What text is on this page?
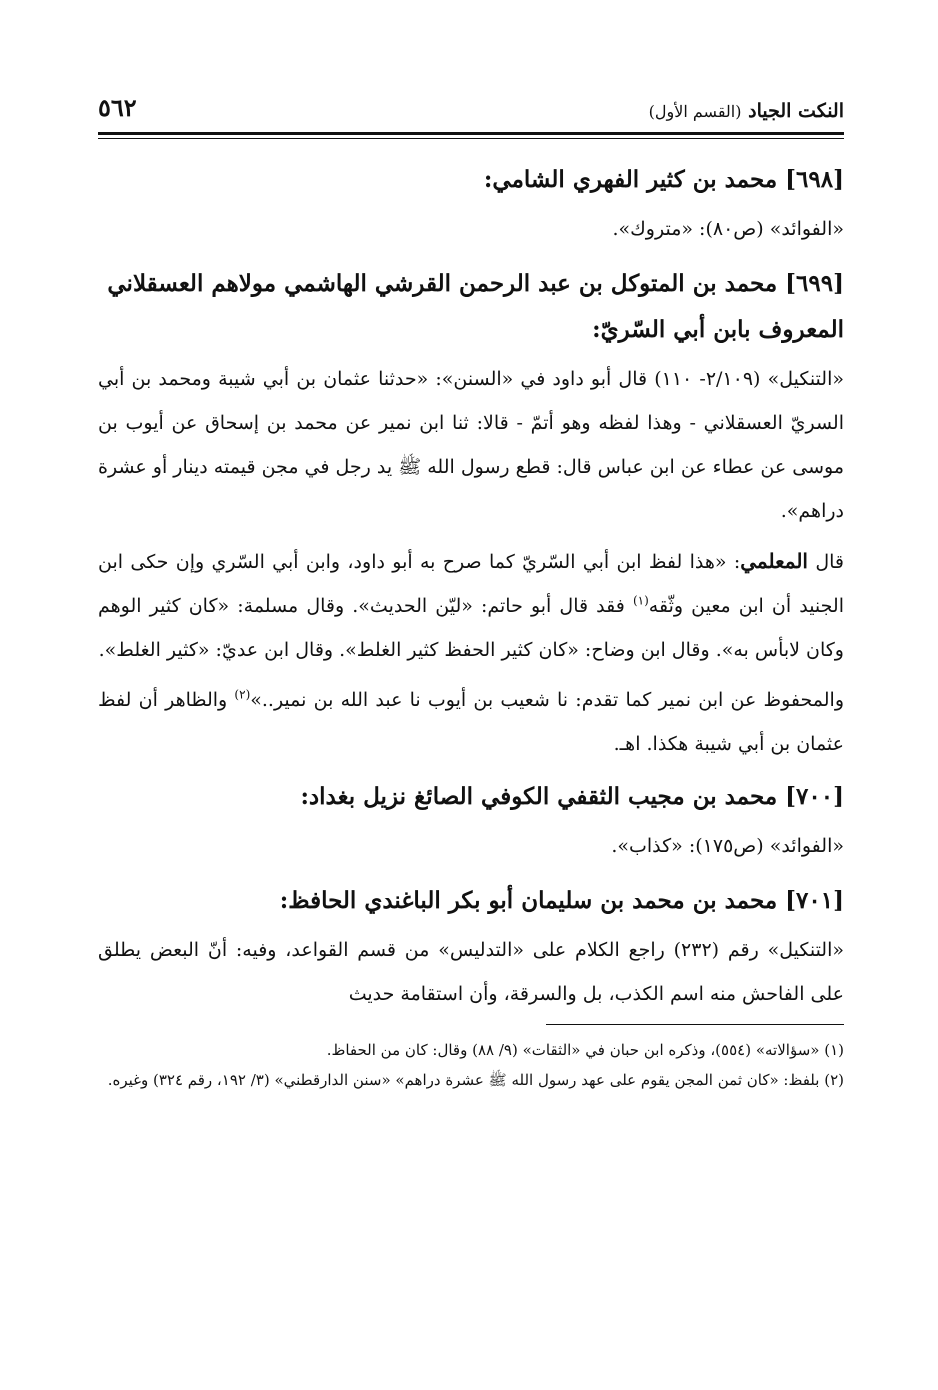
النكت الجياد (القسم الأول)
٥٦٢
[٦٩٨] محمد بن كثير الفهري الشامي:

«الفوائد» (ص٨٠): «متروك».

[٦٩٩] محمد بن المتوكل بن عبد الرحمن القرشي الهاشمي مولاهم العسقلاني المعروف بابن أبي السّريّ:

«التنكيل» (٢/١٠٩- ١١٠) قال أبو داود في «السنن»: «حدثنا عثمان بن أبي شيبة ومحمد بن أبي السريّ العسقلاني - وهذا لفظه وهو أتمّ - قالا: ثنا ابن نمير عن محمد بن إسحاق عن أيوب بن موسى عن عطاء عن ابن عباس قال: قطع رسول الله ﷺ يد رجل في مجن قيمته دينار أو عشرة دراهم».

قال المعلمي: «هذا لفظ ابن أبي السّريّ كما صرح به أبو داود، وابن أبي السّري وإن حكى ابن الجنيد أن ابن معين وثّقه$^{(١)}$ فقد قال أبو حاتم: «ليّن الحديث». وقال مسلمة: «كان كثير الوهم وكان لابأس به». وقال ابن وضاح: «كان كثير الحفظ كثير الغلط». وقال ابن عديّ: «كثير الغلط».

والمحفوظ عن ابن نمير كما تقدم: نا شعيب بن أيوب نا عبد الله بن نمير..»$^{(٢)}$ والظاهر أن لفظ عثمان بن أبي شيبة هكذا. اهـ.

[٧٠٠] محمد بن مجيب الثقفي الكوفي الصائغ نزيل بغداد:

«الفوائد» (ص١٧٥): «كذاب».

[٧٠١] محمد بن محمد بن سليمان أبو بكر الباغندي الحافظ:

«التنكيل» رقم (٢٣٢) راجع الكلام على «التدليس» من قسم القواعد، وفيه: أنّ البعض يطلق على الفاحش منه اسم الكذب، بل والسرقة، وأن استقامة حديث

(١) «سؤالاته» (٥٥٤)، وذكره ابن حبان في «الثقات» (٩/ ٨٨) وقال: كان من الحفاظ.

(٢) بلفظ: «كان ثمن المجن يقوم على عهد رسول الله ﷺ عشرة دراهم» «سنن الدارقطني» (٣/ ١٩٢، رقم ٣٢٤) وغيره.
